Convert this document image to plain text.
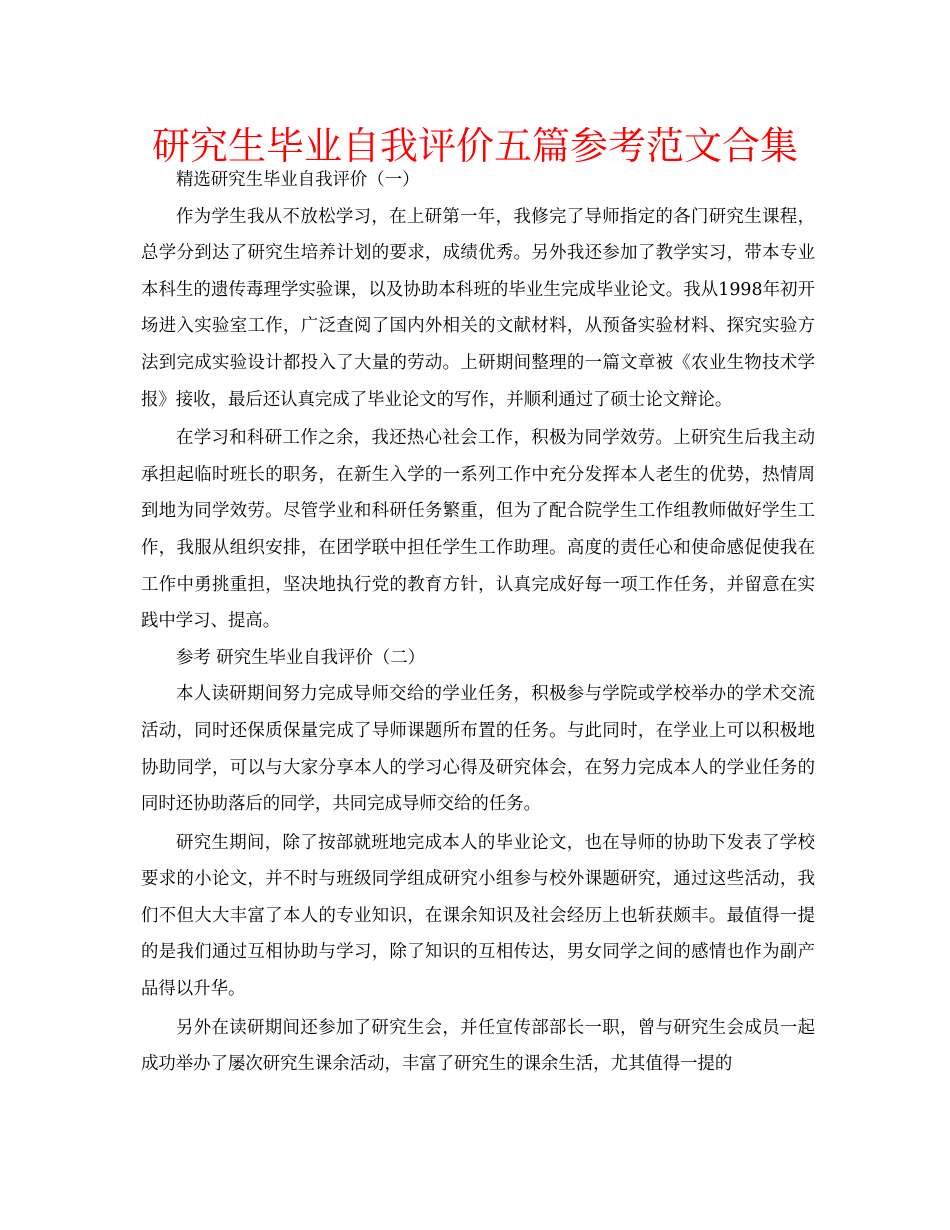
研究生毕业自我评价五篇参考范文合集

精选研究生毕业自我评价（一）

作为学生我从不放松学习，在上研第一年，我修完了导师指定的各门研究生课程，总学分到达了研究生培养计划的要求，成绩优秀。另外我还参加了教学实习，带本专业本科生的遗传毒理学实验课，以及协助本科班的毕业生完成毕业论文。我从1998年初开场进入实验室工作，广泛查阅了国内外相关的文献材料，从预备实验材料、探究实验方法到完成实验设计都投入了大量的劳动。上研期间整理的一篇文章被《农业生物技术学报》接收，最后还认真完成了毕业论文的写作，并顺利通过了硕士论文辩论。

在学习和科研工作之余，我还热心社会工作，积极为同学效劳。上研究生后我主动承担起临时班长的职务，在新生入学的一系列工作中充分发挥本人老生的优势，热情周到地为同学效劳。尽管学业和科研任务繁重，但为了配合院学生工作组教师做好学生工作，我服从组织安排，在团学联中担任学生工作助理。高度的责任心和使命感促使我在工作中勇挑重担，坚决地执行党的教育方针，认真完成好每一项工作任务，并留意在实践中学习、提高。

参考 研究生毕业自我评价（二）

本人读研期间努力完成导师交给的学业任务，积极参与学院或学校举办的学术交流活动，同时还保质保量完成了导师课题所布置的任务。与此同时，在学业上可以积极地协助同学，可以与大家分享本人的学习心得及研究体会，在努力完成本人的学业任务的同时还协助落后的同学，共同完成导师交给的任务。

研究生期间，除了按部就班地完成本人的毕业论文，也在导师的协助下发表了学校要求的小论文，并不时与班级同学组成研究小组参与校外课题研究，通过这些活动，我们不但大大丰富了本人的专业知识，在课余知识及社会经历上也斩获颇丰。最值得一提的是我们通过互相协助与学习，除了知识的互相传达，男女同学之间的感情也作为副产品得以升华。

另外在读研期间还参加了研究生会，并任宣传部部长一职，曾与研究生会成员一起成功举办了屡次研究生课余活动，丰富了研究生的课余生活，尤其值得一提的
